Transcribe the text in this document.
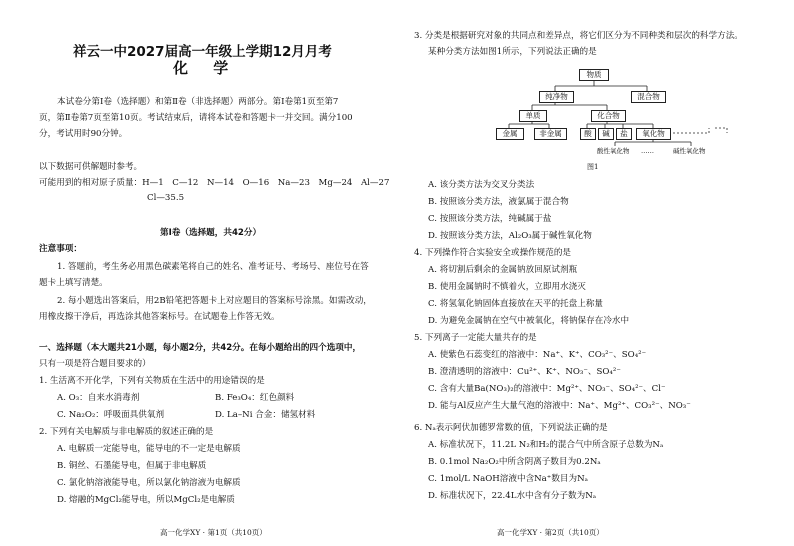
祥云一中2027届高一年级上学期12月月考
化 学
本试卷分第Ⅰ卷（选择题）和第Ⅱ卷（非选择题）两部分。第Ⅰ卷第1页至第7
页，第Ⅱ卷第7页至第10页。考试结束后，请将本试卷和答题卡一并交回。满分100
分，考试用时90分钟。
以下数据可供解题时参考。
可能用到的相对原子质量：H—1　C—12　N—14　O—16　Na—23　Mg—24　Al—27
Cl—35.5
第Ⅰ卷（选择题，共42分）
注意事项：
1. 答题前，考生务必用黑色碳素笔将自己的姓名、准考证号、考场号、座位号在答
题卡上填写清楚。
2. 每小题选出答案后，用2B铅笔把答题卡上对应题目的答案标号涂黑。如需改动，
用橡皮擦干净后，再选涂其他答案标号。在试题卷上作答无效。
一、选择题（本大题共21小题，每小题2分，共42分。在每小题给出的四个选项中，
只有一项是符合题目要求的）
1. 生活离不开化学，下列有关物质在生活中的用途错误的是
A. O₃：自来水消毒剂	B. Fe₃O₄：红色颜料
C. Na₂O₂：呼吸面具供氧剂	D. La–Ni 合金：储氢材料
2. 下列有关电解质与非电解质的叙述正确的是
A. 电解质一定能导电，能导电的不一定是电解质
B. 铜丝、石墨能导电，但属于非电解质
C. 氯化钠溶液能导电，所以氯化钠溶液为电解质
D. 熔融的MgCl₂能导电，所以MgCl₂是电解质
高一化学XY · 第1页（共10页）
3. 分类是根据研究对象的共同点和差异点，将它们区分为不同种类和层次的科学方法。
某种分类方法如图1所示，下列说法正确的是
物质
纯净物	混合物
单质	化合物
金属	非金属	酸	碱	盐	氧化物
酸性氧化物 ……	碱性氧化物
图1
A. 该分类方法为交叉分类法
B. 按照该分类方法，液氯属于混合物
C. 按照该分类方法，纯碱属于盐
D. 按照该分类方法，Al₂O₃属于碱性氧化物
4. 下列操作符合实验安全或操作规范的是
A. 将切割后剩余的金属钠放回原试剂瓶
B. 使用金属钠时不慎着火，立即用水浇灭
C. 将氢氧化钠固体直接放在天平的托盘上称量
D. 为避免金属钠在空气中被氧化，将钠保存在冷水中
5. 下列离子一定能大量共存的是
A. 使紫色石蕊变红的溶液中：Na⁺、K⁺、CO₃²⁻、SO₄²⁻
B. 澄清透明的溶液中：Cu²⁺、K⁺、NO₃⁻、SO₄²⁻
C. 含有大量Ba(NO₃)₂的溶液中：Mg²⁺、NO₃⁻、SO₄²⁻、Cl⁻
D. 能与Al反应产生大量气泡的溶液中：Na⁺、Mg²⁺、CO₃²⁻、NO₃⁻
6. Nₐ表示阿伏加德罗常数的值，下列说法正确的是
A. 标准状况下，11.2L N₂和H₂的混合气中所含原子总数为Nₐ
B. 0.1mol Na₂O₂中所含阴离子数目为0.2Nₐ
C. 1mol/L NaOH溶液中含Na⁺数目为Nₐ
D. 标准状况下，22.4L水中含有分子数为Nₐ
高一化学XY · 第2页（共10页）
